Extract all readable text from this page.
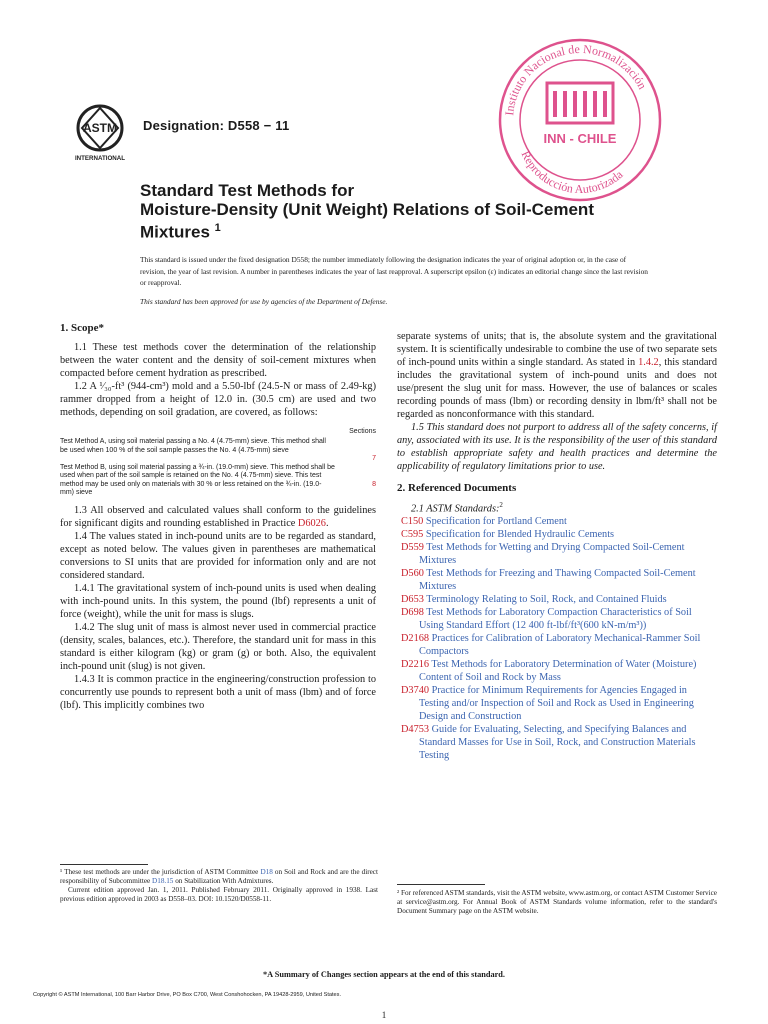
ASTM
INTERNATIONAL
Designation: D558 − 11
INN - CHILE
Instituto Nacional de Normalización
Reproducción Autorizada
Standard Test Methods for
Moisture-Density (Unit Weight) Relations of Soil-Cement
Mixtures $^1$

This standard is issued under the fixed designation D558; the number immediately following the designation indicates the year of original adoption or, in the case of revision, the year of last revision. A number in parentheses indicates the year of last reapproval. A superscript epsilon (ε) indicates an editorial change since the last revision or reapproval.

This standard has been approved for use by agencies of the Department of Defense.

1. Scope*

1.1 These test methods cover the determination of the relationship between the water content and the density of soil-cement mixtures when compacted before cement hydration as prescribed.

1.2 A ¹⁄₃₀-ft³ (944-cm³) mold and a 5.50-lbf (24.5-N or mass of 2.49-kg) rammer dropped from a height of 12.0 in. (30.5 cm) are used and two methods, depending on soil gradation, are covered, as follows:

Sections
Test Method A, using soil material passing a No. 4 (4.75-mm) sieve. This method shall be used when 100 % of the soil sample passes the No. 4 (4.75-mm) sieve
7
Test Method B, using soil material passing a ¾-in. (19.0-mm) sieve. This method shall be used when part of the soil sample is retained on the No. 4 (4.75-mm) sieve. This test method may be used only on materials with 30 % or less retained on the ¾-in. (19.0-mm) sieve
8

1.3 All observed and calculated values shall conform to the guidelines for significant digits and rounding established in Practice D6026.

1.4 The values stated in inch-pound units are to be regarded as standard, except as noted below. The values given in parentheses are mathematical conversions to SI units that are provided for information only and are not considered standard.

1.4.1 The gravitational system of inch-pound units is used when dealing with inch-pound units. In this system, the pound (lbf) represents a unit of force (weight), while the unit for mass is slugs.

1.4.2 The slug unit of mass is almost never used in commercial practice (density, scales, balances, etc.). Therefore, the standard unit for mass in this standard is either kilogram (kg) or gram (g) or both. Also, the equivalent inch-pound unit (slug) is not given.

1.4.3 It is common practice in the engineering/construction profession to concurrently use pounds to represent both a unit of mass (lbm) and of force (lbf). This implicitly combines two

separate systems of units; that is, the absolute system and the gravitational system. It is scientifically undesirable to combine the use of two separate sets of inch-pound units within a single standard. As stated in 1.4.2, this standard includes the gravitational system of inch-pound units and does not use/present the slug unit for mass. However, the use of balances or scales recording pounds of mass (lbm) or recording density in lbm/ft³ shall not be regarded as nonconformance with this standard.

1.5 This standard does not purport to address all of the safety concerns, if any, associated with its use. It is the responsibility of the user of this standard to establish appropriate safety and health practices and determine the applicability of regulatory limitations prior to use.

2. Referenced Documents

2.1 ASTM Standards:$^2$

C150 Specification for Portland Cement

C595 Specification for Blended Hydraulic Cements

D559 Test Methods for Wetting and Drying Compacted Soil-Cement Mixtures

D560 Test Methods for Freezing and Thawing Compacted Soil-Cement Mixtures

D653 Terminology Relating to Soil, Rock, and Contained Fluids

D698 Test Methods for Laboratory Compaction Characteristics of Soil Using Standard Effort (12 400 ft-lbf/ft³(600 kN-m/m³))

D2168 Practices for Calibration of Laboratory Mechanical-Rammer Soil Compactors

D2216 Test Methods for Laboratory Determination of Water (Moisture) Content of Soil and Rock by Mass

D3740 Practice for Minimum Requirements for Agencies Engaged in Testing and/or Inspection of Soil and Rock as Used in Engineering Design and Construction

D4753 Guide for Evaluating, Selecting, and Specifying Balances and Standard Masses for Use in Soil, Rock, and Construction Materials Testing

¹ These test methods are under the jurisdiction of ASTM Committee D18 on Soil and Rock and are the direct responsibility of Subcommittee D18.15 on Stabilization With Admixtures.

Current edition approved Jan. 1, 2011. Published February 2011. Originally approved in 1938. Last previous edition approved in 2003 as D558–03. DOI: 10.1520/D0558-11.

² For referenced ASTM standards, visit the ASTM website, www.astm.org, or contact ASTM Customer Service at service@astm.org. For Annual Book of ASTM Standards volume information, refer to the standard's Document Summary page on the ASTM website.

*A Summary of Changes section appears at the end of this standard.
Copyright © ASTM International, 100 Barr Harbor Drive, PO Box C700, West Conshohocken, PA 19428-2959, United States.
1
